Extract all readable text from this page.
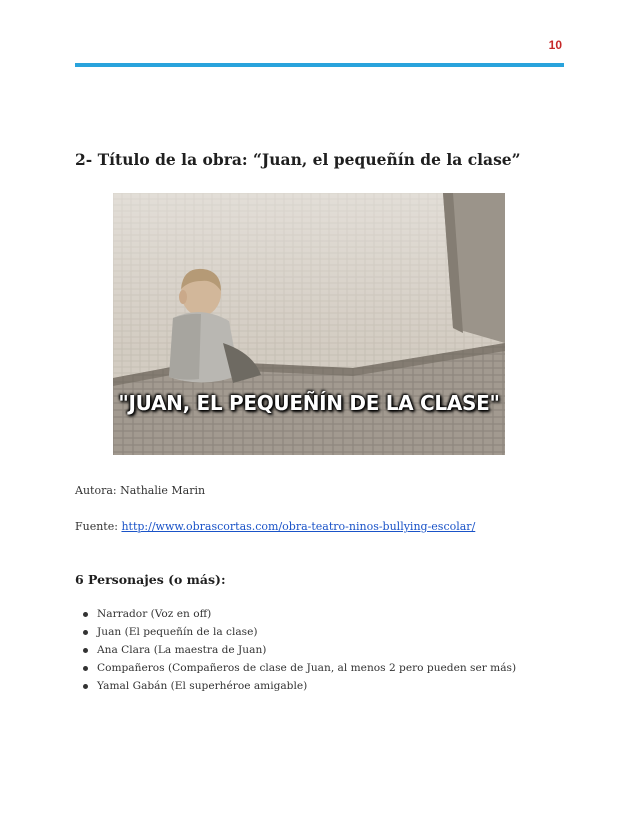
10
2- Título de la obra: “Juan, el pequeñín de la clase”
"JUAN, EL PEQUEÑÍN DE LA CLASE"

Autora: Nathalie Marin

Fuente: http://www.obrascortas.com/obra-teatro-ninos-bullying-escolar/

6 Personajes (o más):
Narrador (Voz en off)
Juan (El pequeñín de la clase)
Ana Clara (La maestra de Juan)
Compañeros (Compañeros de clase de Juan, al menos 2 pero pueden ser más)
Yamal Gabán (El superhéroe amigable)
